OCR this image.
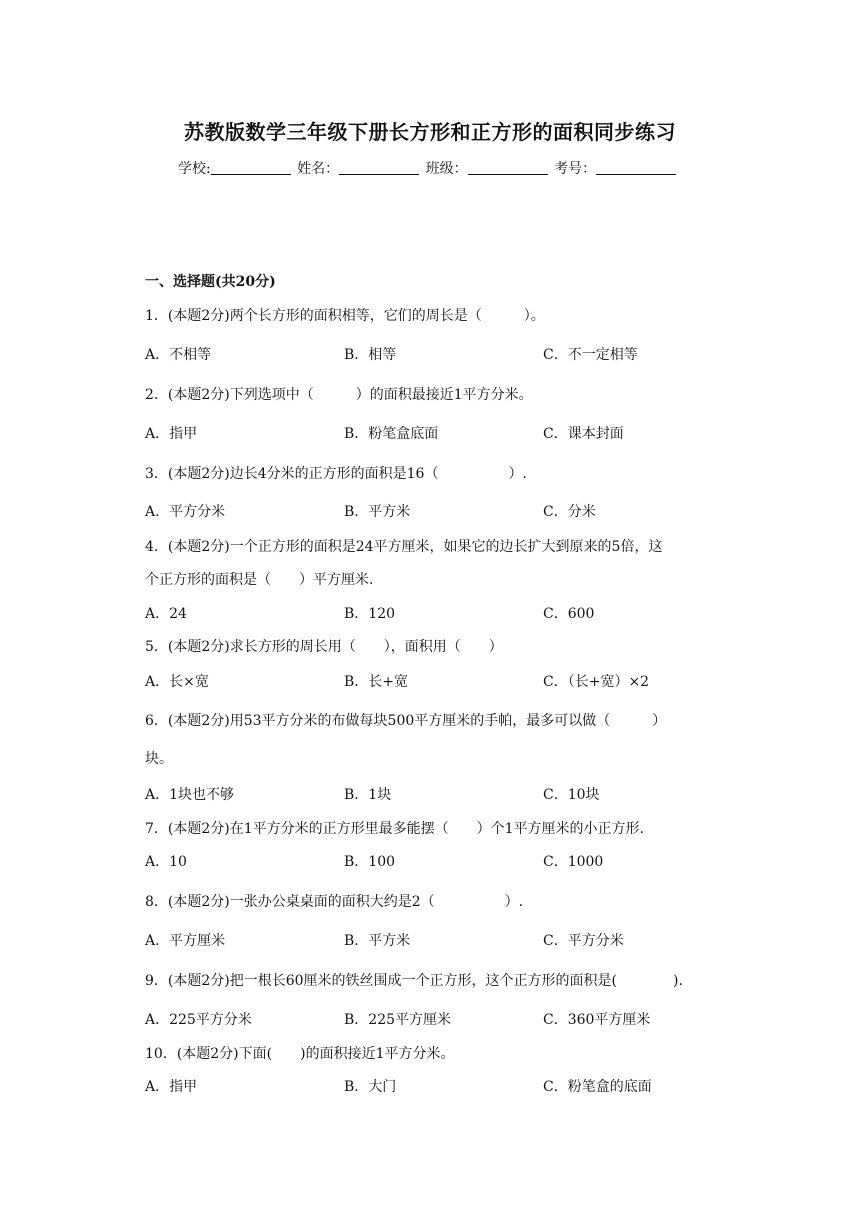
苏教版数学三年级下册长方形和正方形的面积同步练习
学校:	姓名：	班级：	考号：
一、选择题(共20分)
1．(本题2分)两个长方形的面积相等，它们的周长是（　　　）。
A．不相等	B．相等	C．不一定相等
2．(本题2分)下列选项中（　　　）的面积最接近1平方分米。
A．指甲	B．粉笔盒底面	C．课本封面
3．(本题2分)边长4分米的正方形的面积是16（　　　　　）.
A．平方分米	B．平方米	C．分米
4．(本题2分)一个正方形的面积是24平方厘米，如果它的边长扩大到原来的5倍，这
个正方形的面积是（　　）平方厘米.
A．24	B．120	C．600
5．(本题2分)求长方形的周长用（　　），面积用（　　）
A．长×宽	B．长+宽	C．（长+宽）×2
6．(本题2分)用53平方分米的布做每块500平方厘米的手帕，最多可以做（　　　）
块。
A．1块也不够	B．1块	C．10块
7．(本题2分)在1平方分米的正方形里最多能摆（　　）个1平方厘米的小正方形.
A．10	B．100	C．1000
8．(本题2分)一张办公桌桌面的面积大约是2（　　　　　）.
A．平方厘米	B．平方米	C．平方分米
9．(本题2分)把一根长60厘米的铁丝围成一个正方形，这个正方形的面积是(　　　　).
A．225平方分米	B．225平方厘米	C．360平方厘米
10．(本题2分)下面(　　)的面积接近1平方分米。
A．指甲	B．大门	C．粉笔盒的底面
